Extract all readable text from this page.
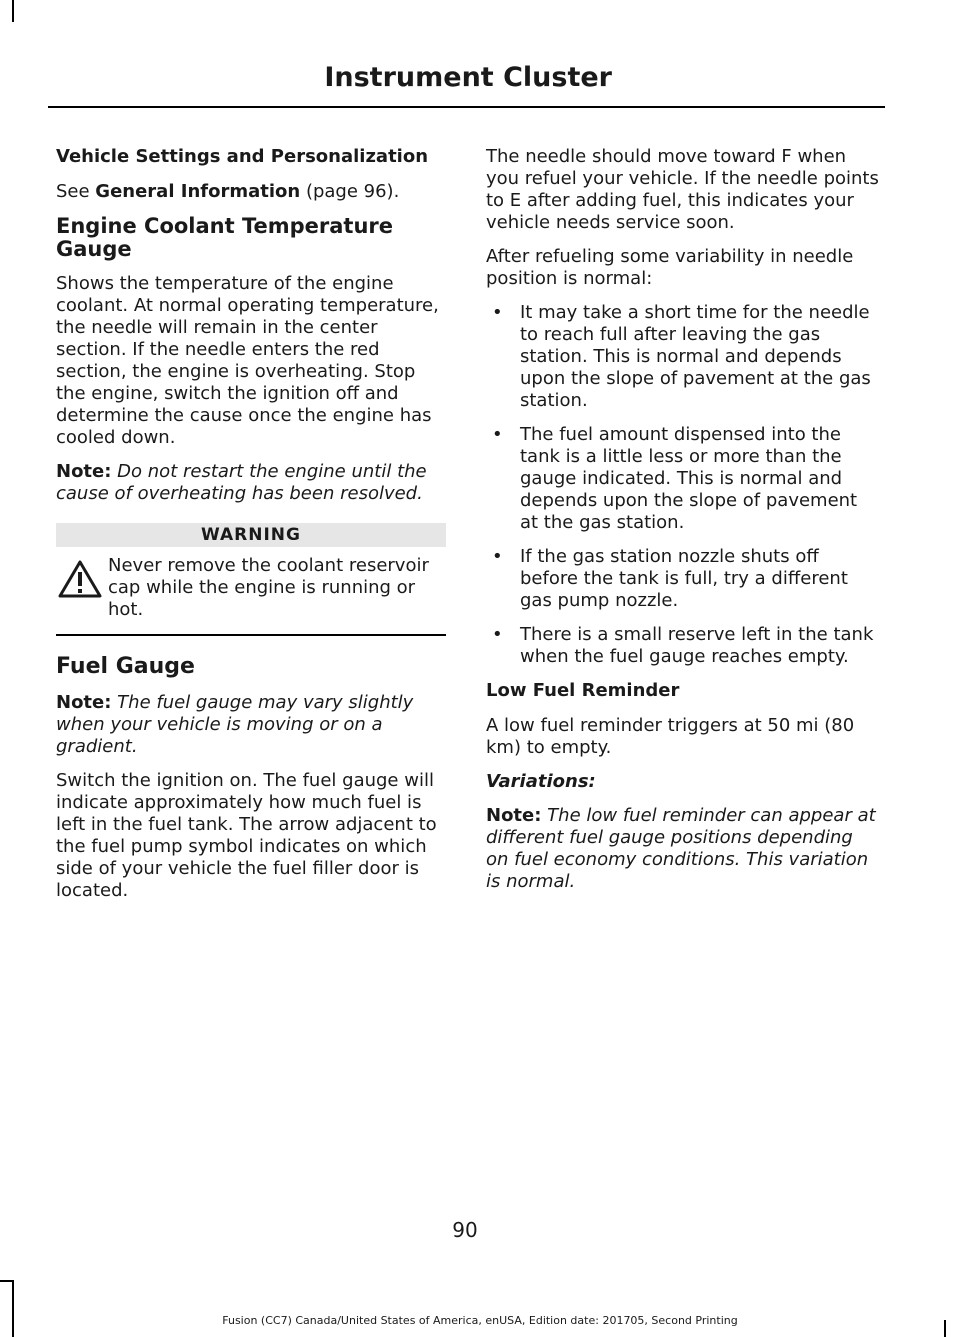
Instrument Cluster
Vehicle Settings and Personalization

See General Information (page 96).

Engine Coolant Temperature Gauge

Shows the temperature of the engine coolant. At normal operating temperature, the needle will remain in the center section. If the needle enters the red section, the engine is overheating. Stop the engine, switch the ignition off and determine the cause once the engine has cooled down.

Note: Do not restart the engine until the cause of overheating has been resolved.

WARNING
Never remove the coolant reservoir cap while the engine is running or hot.
Fuel Gauge

Note: The fuel gauge may vary slightly when your vehicle is moving or on a gradient.

Switch the ignition on. The fuel gauge will indicate approximately how much fuel is left in the fuel tank. The arrow adjacent to the fuel pump symbol indicates on which side of your vehicle the fuel filler door is located.

The needle should move toward F when you refuel your vehicle. If the needle points to E after adding fuel, this indicates your vehicle needs service soon.

After refueling some variability in needle position is normal:

• It may take a short time for the needle to reach full after leaving the gas station. This is normal and depends upon the slope of pavement at the gas station.
• The fuel amount dispensed into the tank is a little less or more than the gauge indicated. This is normal and depends upon the slope of pavement at the gas station.
• If the gas station nozzle shuts off before the tank is full, try a different gas pump nozzle.
• There is a small reserve left in the tank when the fuel gauge reaches empty.
Low Fuel Reminder

A low fuel reminder triggers at 50 mi (80 km) to empty.

Variations:

Note: The low fuel reminder can appear at different fuel gauge positions depending on fuel economy conditions. This variation is normal.

90
Fusion (CC7) Canada/United States of America, enUSA, Edition date: 201705, Second Printing
